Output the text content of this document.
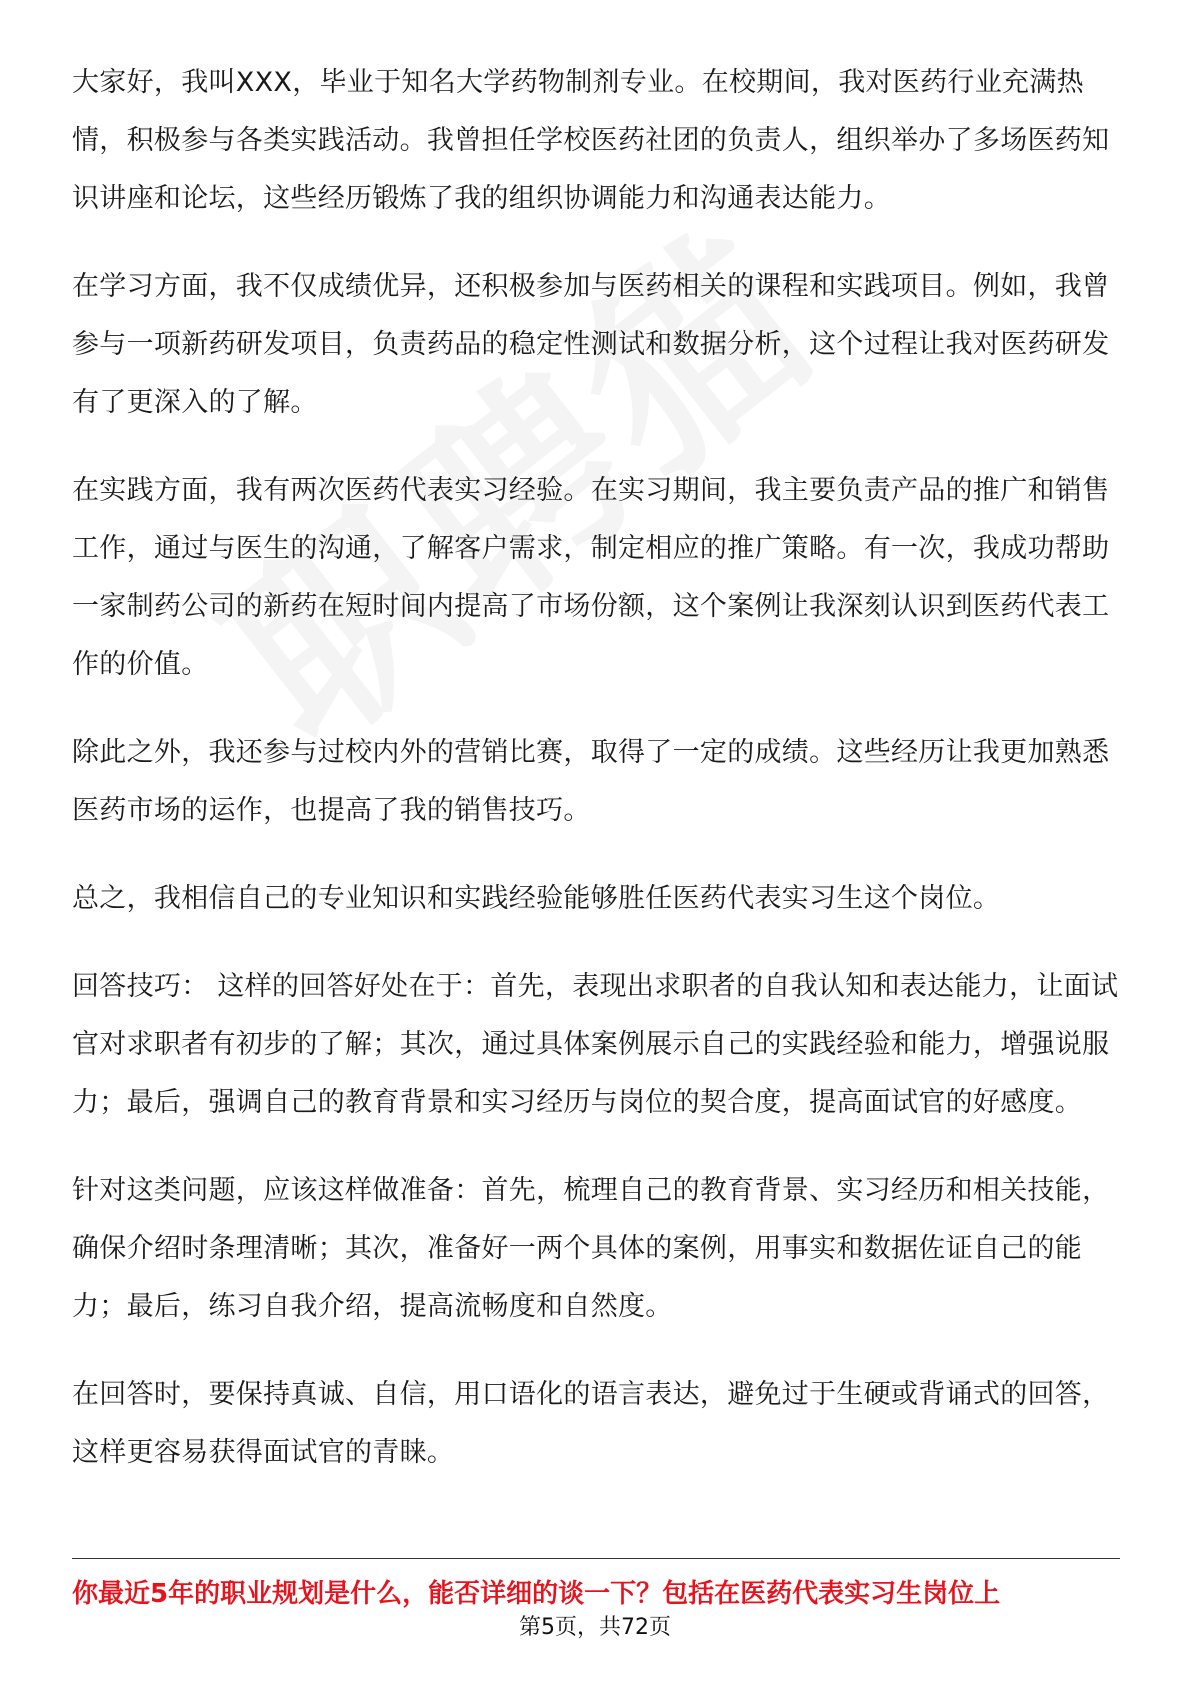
大家好，我叫XXX，毕业于知名大学药物制剂专业。在校期间，我对医药行业充满热情，积极参与各类实践活动。我曾担任学校医药社团的负责人，组织举办了多场医药知识讲座和论坛，这些经历锻炼了我的组织协调能力和沟通表达能力。

在学习方面，我不仅成绩优异，还积极参加与医药相关的课程和实践项目。例如，我曾参与一项新药研发项目，负责药品的稳定性测试和数据分析，这个过程让我对医药研发有了更深入的了解。

在实践方面，我有两次医药代表实习经验。在实习期间，我主要负责产品的推广和销售工作，通过与医生的沟通，了解客户需求，制定相应的推广策略。有一次，我成功帮助一家制药公司的新药在短时间内提高了市场份额，这个案例让我深刻认识到医药代表工作的价值。

除此之外，我还参与过校内外的营销比赛，取得了一定的成绩。这些经历让我更加熟悉医药市场的运作，也提高了我的销售技巧。

总之，我相信自己的专业知识和实践经验能够胜任医药代表实习生这个岗位。

回答技巧： 这样的回答好处在于：首先，表现出求职者的自我认知和表达能力，让面试官对求职者有初步的了解；其次，通过具体案例展示自己的实践经验和能力，增强说服力；最后，强调自己的教育背景和实习经历与岗位的契合度，提高面试官的好感度。

针对这类问题，应该这样做准备：首先，梳理自己的教育背景、实习经历和相关技能，确保介绍时条理清晰；其次，准备好一两个具体的案例，用事实和数据佐证自己的能力；最后，练习自我介绍，提高流畅度和自然度。

在回答时，要保持真诚、自信，用口语化的语言表达，避免过于生硬或背诵式的回答，这样更容易获得面试官的青睐。

你最近5年的职业规划是什么，能否详细的谈一下？包括在医药代表实习生岗位上
第5页，共72页
